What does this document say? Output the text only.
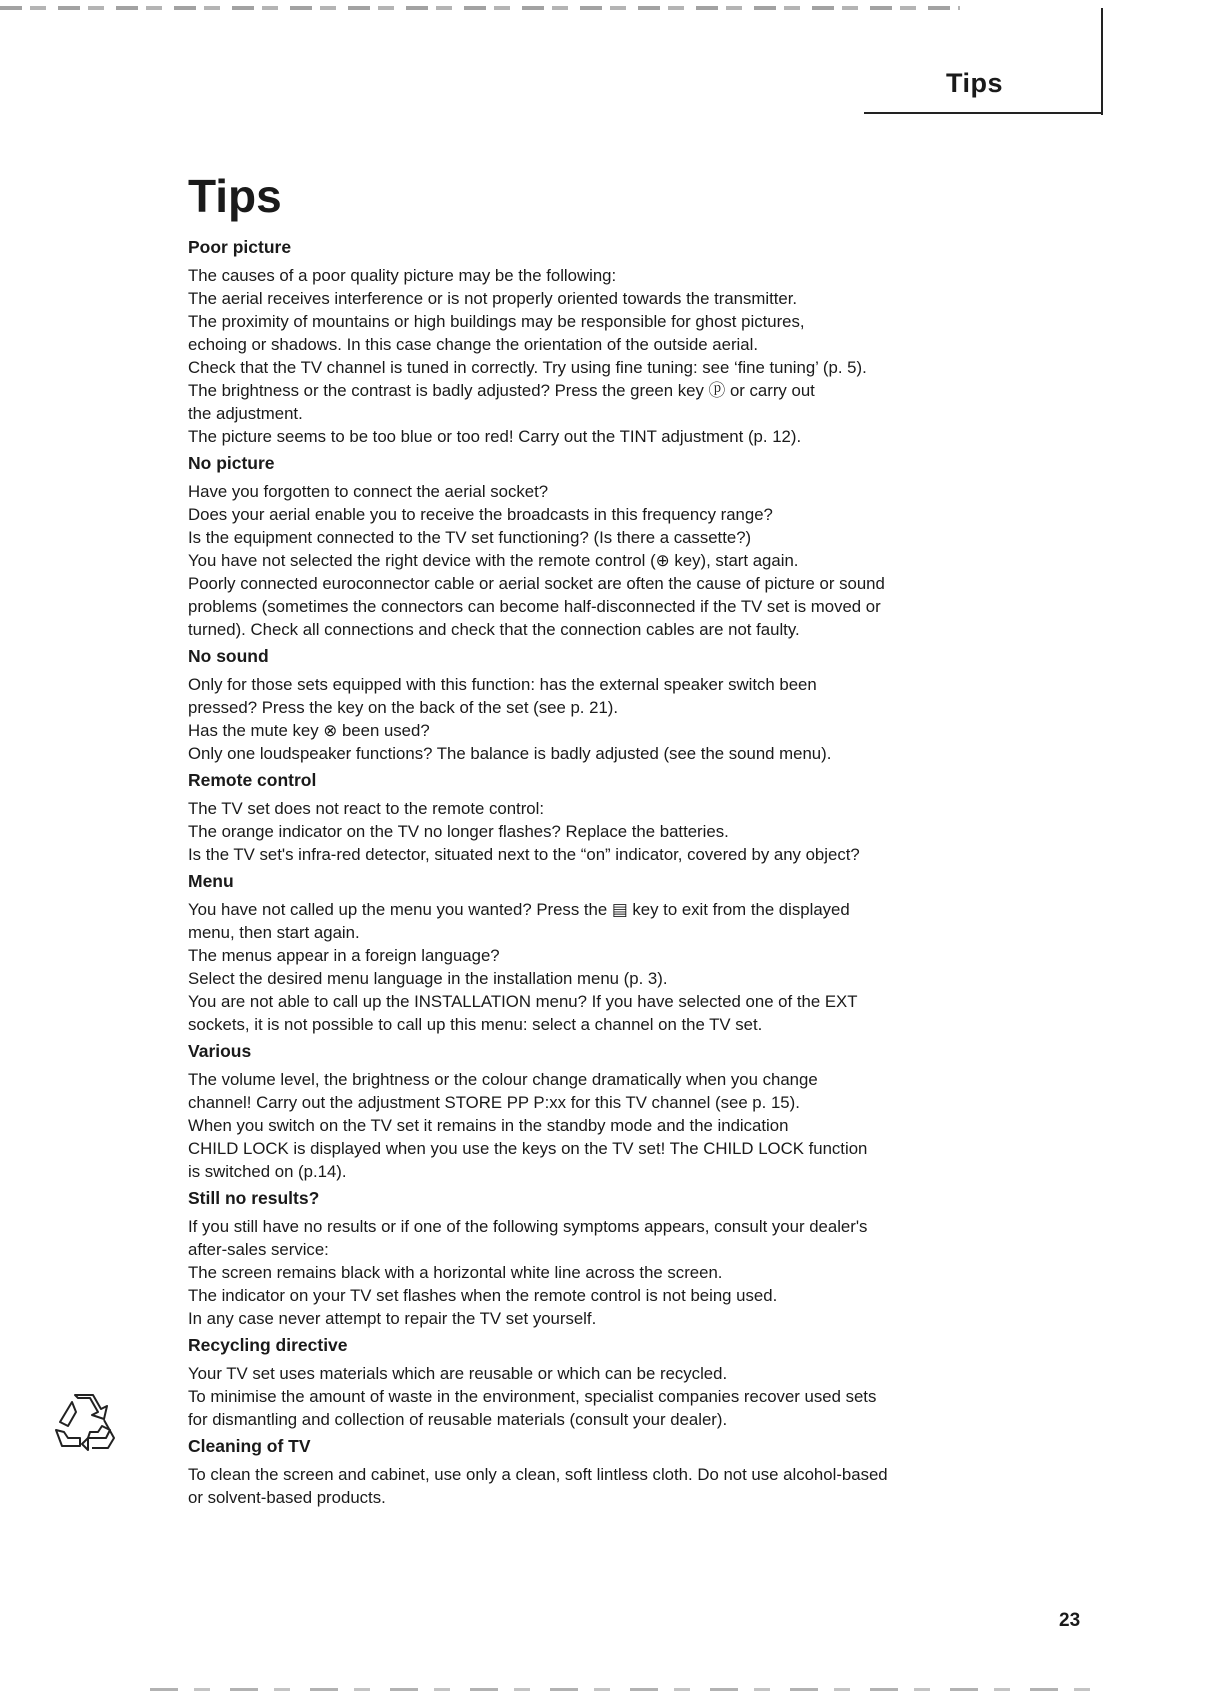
Tips
Tips
Poor picture

The causes of a poor quality picture may be the following:

The aerial receives interference or is not properly oriented towards the transmitter.

The proximity of mountains or high buildings may be responsible for ghost pictures,

echoing or shadows. In this case change the orientation of the outside aerial.

Check that the TV channel is tuned in correctly. Try using fine tuning: see ‘fine tuning’ (p. 5).

The brightness or the contrast is badly adjusted? Press the green key ⓟ or carry out

the adjustment.

The picture seems to be too blue or too red! Carry out the TINT adjustment (p. 12).

No picture

Have you forgotten to connect the aerial socket?

Does your aerial enable you to receive the broadcasts in this frequency range?

Is the equipment connected to the TV set functioning? (Is there a cassette?)

You have not selected the right device with the remote control (⊕ key), start again.

Poorly connected euroconnector cable or aerial socket are often the cause of picture or sound

problems (sometimes the connectors can become half-disconnected if the TV set is moved or

turned). Check all connections and check that the connection cables are not faulty.

No sound

Only for those sets equipped with this function: has the external speaker switch been

pressed? Press the key on the back of the set (see p. 21).

Has the mute key ⊗ been used?

Only one loudspeaker functions? The balance is badly adjusted (see the sound menu).

Remote control

The TV set does not react to the remote control:

The orange indicator on the TV no longer flashes? Replace the batteries.

Is the TV set's infra-red detector, situated next to the “on” indicator, covered by any object?

Menu

You have not called up the menu you wanted? Press the ▤ key to exit from the displayed

menu, then start again.

The menus appear in a foreign language?

Select the desired menu language in the installation menu (p. 3).

You are not able to call up the INSTALLATION menu? If you have selected one of the EXT

sockets, it is not possible to call up this menu: select a channel on the TV set.

Various

The volume level, the brightness or the colour change dramatically when you change

channel! Carry out the adjustment STORE PP P:xx for this TV channel (see p. 15).

When you switch on the TV set it remains in the standby mode and the indication

CHILD LOCK is displayed when you use the keys on the TV set! The CHILD LOCK function

is switched on (p.14).

Still no results?

If you still have no results or if one of the following symptoms appears, consult your dealer's

after-sales service:

The screen remains black with a horizontal white line across the screen.

The indicator on your TV set flashes when the remote control is not being used.

In any case never attempt to repair the TV set yourself.

Recycling directive

Your TV set uses materials which are reusable or which can be recycled.

To minimise the amount of waste in the environment, specialist companies recover used sets

for dismantling and collection of reusable materials (consult your dealer).

Cleaning of TV

To clean the screen and cabinet, use only a clean, soft lintless cloth. Do not use alcohol-based

or solvent-based products.

23
